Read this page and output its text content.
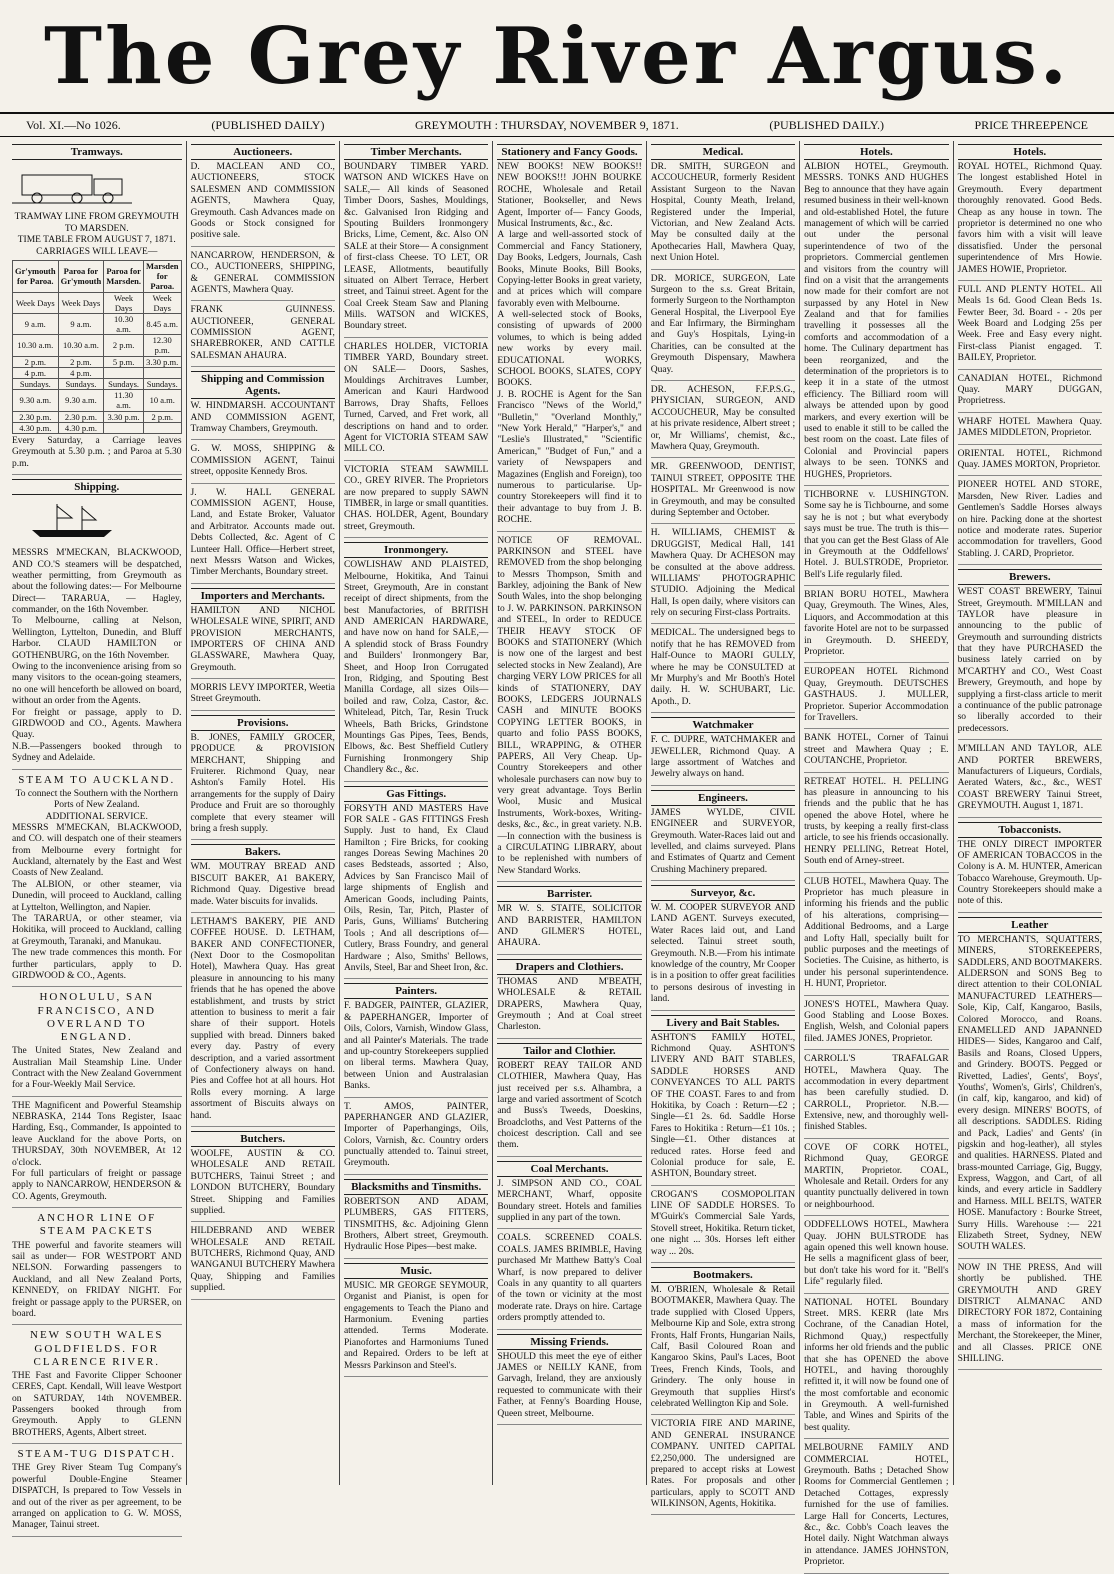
The Grey River Argus.
Vol. XI.—No 1026.	(PUBLISHED DAILY)	GREYMOUTH : THURSDAY, NOVEMBER 9, 1871.	(PUBLISHED DAILY.)	PRICE THREEPENCE
Tramways.
TRAMWAY LINE FROM GREYMOUTH TO MARSDEN.
TIME TABLE FROM AUGUST 7, 1871.
CARRIAGES WILL LEAVE—
Gr'ymouth for Paroa.	Paroa for Gr'ymouth	Paroa for Marsden.	Marsden for Paroa.
Week Days	Week Days	Week Days	Week Days
9 a.m.	9 a.m.	10.30 a.m.	8.45 a.m.
10.30 a.m.	10.30 a.m.	2 p.m.	12.30 p.m.
2 p.m.	2 p.m.	5 p.m.	3.30 p.m.
4 p.m.	4 p.m.		
Sundays.	Sundays.	Sundays.	Sundays.
9.30 a.m.	9.30 a.m.	11.30 a.m.	10 a.m.
2.30 p.m.	2.30 p.m.	3.30 p.m.	2 p.m.
4.30 p.m.	4.30 p.m.		
Every Saturday, a Carriage leaves Greymouth at 5.30 p.m. ; and Paroa at 5.30 p.m.
Shipping.
MESSRS M'MECKAN, BLACKWOOD, AND CO.'S steamers will be despatched, weather permitting, from Greymouth as about the following dates:— For Melbourne Direct— TARARUA, — Hagley, commander, on the 16th November.
To Melbourne, calling at Nelson, Wellington, Lyttelton, Dunedin, and Bluff Harbor. CLAUD HAMILTON or GOTHENBURG, on the 16th November.
Owing to the inconvenience arising from so many visitors to the ocean-going steamers, no one will henceforth be allowed on board, without an order from the Agents.
For freight or passage, apply to D. GIRDWOOD and CO., Agents. Mawhera Quay.
N.B.—Passengers booked through to Sydney and Adelaide.
STEAM TO AUCKLAND.
To connect the Southern with the Northern Ports of New Zealand.
ADDITIONAL SERVICE.
MESSRS M'MECKAN, BLACKWOOD, and CO. will despatch one of their steamers from Melbourne every fortnight for Auckland, alternately by the East and West Coasts of New Zealand.
The ALBION, or other steamer, via Dunedin, will proceed to Auckland, calling at Lyttelton, Wellington, and Napier.
The TARARUA, or other steamer, via Hokitika, will proceed to Auckland, calling at Greymouth, Taranaki, and Manukau.
The new trade commences this month. For further particulars, apply to D. GIRDWOOD & CO., Agents.
HONOLULU, SAN FRANCISCO, AND OVERLAND TO ENGLAND.
The United States, New Zealand and Australian Mail Steamship Line. Under Contract with the New Zealand Government for a Four-Weekly Mail Service.
THE Magnificent and Powerful Steamship NEBRASKA, 2144 Tons Register, Isaac Harding, Esq., Commander, Is appointed to leave Auckland for the above Ports, on THURSDAY, 30th NOVEMBER, At 12 o'clock.
For full particulars of freight or passage apply to NANCARROW, HENDERSON & CO. Agents, Greymouth.
ANCHOR LINE OF STEAM PACKETS
THE powerful and favorite steamers will sail as under— FOR WESTPORT AND NELSON. Forwarding passengers to Auckland, and all New Zealand Ports, KENNEDY, on FRIDAY NIGHT. For freight or passage apply to the PURSER, on board.
NEW SOUTH WALES GOLDFIELDS. FOR CLARENCE RIVER.
THE Fast and Favorite Clipper Schooner CERES, Capt. Kendall, Will leave Westport on SATURDAY, 14th NOVEMBER. Passengers booked through from Greymouth. Apply to GLENN BROTHERS, Agents, Albert street.
STEAM-TUG DISPATCH.
THE Grey River Steam Tug Company's powerful Double-Engine Steamer DISPATCH, Is prepared to Tow Vessels in and out of the river as per agreement, to be arranged on application to G. W. MOSS, Manager, Tainui street.
Auctioneers.
D. MACLEAN AND CO., AUCTIONEERS, STOCK SALESMEN AND COMMISSION AGENTS, Mawhera Quay, Greymouth. Cash Advances made on Goods or Stock consigned for positive sale.
NANCARROW, HENDERSON, & CO., AUCTIONEERS, SHIPPING, & GENERAL COMMISSION AGENTS, Mawhera Quay.
FRANK GUINNESS. AUCTIONEER, GENERAL COMMISSION AGENT, SHAREBROKER, AND CATTLE SALESMAN AHAURA.
Shipping and Commission Agents.
W. HINDMARSH. ACCOUNTANT AND COMMISSION AGENT, Tramway Chambers, Greymouth.
G. W. MOSS, SHIPPING & COMMISSION AGENT, Tainui street, opposite Kennedy Bros.
J. W. HALL GENERAL COMMISSION AGENT, House, Land, and Estate Broker, Valuator and Arbitrator. Accounts made out. Debts Collected, &c. Agent of C Lunteer Hall. Office—Herbert street, next Messrs Watson and Wickes, Timber Merchants, Boundary street.
Importers and Merchants.
HAMILTON AND NICHOL WHOLESALE WINE, SPIRIT, AND PROVISION MERCHANTS, IMPORTERS OF CHINA AND GLASSWARE, Mawhera Quay, Greymouth.
MORRIS LEVY IMPORTER, Weetia Street Greymouth.
Provisions.
B. JONES, FAMILY GROCER, PRODUCE & PROVISION MERCHANT, Shipping and Fruiterer. Richmond Quay, near Ashton's Family Hotel. His arrangements for the supply of Dairy Produce and Fruit are so thoroughly complete that every steamer will bring a fresh supply.
Bakers.
WM. MOUTRAY BREAD AND BISCUIT BAKER, A1 BAKERY, Richmond Quay. Digestive bread made. Water biscuits for invalids.
LETHAM'S BAKERY, PIE AND COFFEE HOUSE. D. LETHAM, BAKER AND CONFECTIONER, (Next Door to the Cosmopolitan Hotel), Mawhera Quay. Has great pleasure in announcing to his many friends that he has opened the above establishment, and trusts by strict attention to business to merit a fair share of their support. Hotels supplied with bread. Dinners baked every day. Pastry of every description, and a varied assortment of Confectionery always on hand. Pies and Coffee hot at all hours. Hot Rolls every morning. A large assortment of Biscuits always on hand.
Butchers.
WOOLFE, AUSTIN & CO. WHOLESALE AND RETAIL BUTCHERS, Tainui Street ; and LONDON BUTCHERY, Boundary Street. Shipping and Families supplied.
HILDEBRAND AND WEBER WHOLESALE AND RETAIL BUTCHERS, Richmond Quay, AND WANGANUI BUTCHERY Mawhera Quay, Shipping and Families supplied.
Timber Merchants.
BOUNDARY TIMBER YARD. WATSON AND WICKES Have on SALE,— All kinds of Seasoned Timber Doors, Sashes, Mouldings, &c. Galvanised Iron Ridging and Spouting Builders Ironmongery Bricks, Lime, Cement, &c. Also ON SALE at their Store— A consignment of first-class Cheese. TO LET, OR LEASE, Allotments, beautifully situated on Albert Terrace, Herbert street, and Tainui street. Agent for the Coal Creek Steam Saw and Planing Mills. WATSON and WICKES, Boundary street.
CHARLES HOLDER, VICTORIA TIMBER YARD, Boundary street. ON SALE— Doors, Sashes, Mouldings Architraves Lumber, American and Kauri Hardwood Barrows, Dray Shafts, Felloes Turned, Carved, and Fret work, all descriptions on hand and to order. Agent for VICTORIA STEAM SAW MILL CO.
VICTORIA STEAM SAWMILL CO., GREY RIVER. The Proprietors are now prepared to supply SAWN TIMBER, in large or small quantities. CHAS. HOLDER, Agent, Boundary street, Greymouth.
Ironmongery.
COWLISHAW AND PLAISTED, Melbourne, Hokitika, And Tainui Street, Greymouth, Are in constant receipt of direct shipments, from the best Manufactories, of BRITISH AND AMERICAN HARDWARE, and have now on hand for SALE,— A splendid stock of Brass Foundry and Builders' Ironmongery Bar, Sheet, and Hoop Iron Corrugated Iron, Ridging, and Spouting Best Manilla Cordage, all sizes Oils—boiled and raw, Colza, Castor, &c. Whitelead, Pitch, Tar, Resin Truck Wheels, Bath Bricks, Grindstone Mountings Gas Pipes, Tees, Bends, Elbows, &c. Best Sheffield Cutlery Furnishing Ironmongery Ship Chandlery &c., &c.
Gas Fittings.
FORSYTH AND MASTERS Have FOR SALE - GAS FITTINGS Fresh Supply. Just to hand, Ex Claud Hamilton ; Fire Bricks, for cooking ranges Doreas Sewing Machines 20 cases Bedsteads, assorted ; Also, Advices by San Francisco Mail of large shipments of English and American Goods, including Paints, Oils, Resin, Tar, Pitch, Plaster of Paris, Guns, Williams' Butchering Tools ; And all descriptions of— Cutlery, Brass Foundry, and general Hardware ; Also, Smiths' Bellows, Anvils, Steel, Bar and Sheet Iron, &c.
Painters.
F. BADGER, PAINTER, GLAZIER, & PAPERHANGER, Importer of Oils, Colors, Varnish, Window Glass, and all Painter's Materials. The trade and up-country Storekeepers supplied on liberal terms. Mawhera Quay, between Union and Australasian Banks.
T. AMOS, PAINTER, PAPERHANGER AND GLAZIER, Importer of Paperhangings, Oils, Colors, Varnish, &c. Country orders punctually attended to. Tainui street, Greymouth.
Blacksmiths and Tinsmiths.
ROBERTSON AND ADAM, PLUMBERS, GAS FITTERS, TINSMITHS, &c. Adjoining Glenn Brothers, Albert street, Greymouth. Hydraulic Hose Pipes—best make.
Music.
MUSIC. MR GEORGE SEYMOUR, Organist and Pianist, is open for engagements to Teach the Piano and Harmonium. Evening parties attended. Terms Moderate. Pianofortes and Harmoniums Tuned and Repaired. Orders to be left at Messrs Parkinson and Steel's.
Stationery and Fancy Goods.
NEW BOOKS! NEW BOOKS!! NEW BOOKS!!! JOHN BOURKE ROCHE, Wholesale and Retail Stationer, Bookseller, and News Agent, Importer of— Fancy Goods, Musical Instruments, &c., &c.
A large and well-assorted stock of Commercial and Fancy Stationery, Day Books, Ledgers, Journals, Cash Books, Minute Books, Bill Books, Copying-letter Books in great variety, and at prices which will compare favorably even with Melbourne.
A well-selected stock of Books, consisting of upwards of 2000 volumes, to which is being added new works by every mail. EDUCATIONAL WORKS, SCHOOL BOOKS, SLATES, COPY BOOKS.
J. B. ROCHE is Agent for the San Francisco "News of the World," "Bulletin," "Overland Monthly," "New York Herald," "Harper's," and "Leslie's Illustrated," "Scientific American," "Budget of Fun," and a variety of Newspapers and Magazines (English and Foreign), too numerous to particularise. Up-country Storekeepers will find it to their advantage to buy from J. B. ROCHE.
NOTICE OF REMOVAL. PARKINSON and STEEL have REMOVED from the shop belonging to Messrs Thompson, Smith and Barkley, adjoining the Bank of New South Wales, into the shop belonging to J. W. PARKINSON. PARKINSON and STEEL, In order to REDUCE THEIR HEAVY STOCK OF BOOKS and STATIONERY (Which is now one of the largest and best selected stocks in New Zealand), Are charging VERY LOW PRICES for all kinds of STATIONERY, DAY BOOKS, LEDGERS JOURNALS CASH and MINUTE BOOKS COPYING LETTER BOOKS, in quarto and folio PASS BOOKS, BILL, WRAPPING, & OTHER PAPERS, All Very Cheap. Up-Country Storekeepers and other wholesale purchasers can now buy to very great advantage. Toys Berlin Wool, Music and Musical Instruments, Work-boxes, Writing-desks, &c., &c., in great variety. N.B.—In connection with the business is a CIRCULATING LIBRARY, about to be replenished with numbers of New Standard Works.
Barrister.
MR W. S. STAITE, SOLICITOR AND BARRISTER, HAMILTON AND GILMER'S HOTEL, AHAURA.
Drapers and Clothiers.
THOMAS AND M'BEATH, WHOLESALE & RETAIL DRAPERS, Mawhera Quay, Greymouth ; And at Coal street Charleston.
Tailor and Clothier.
ROBERT REAY TAILOR AND CLOTHIER, Mawhera Quay, Has just received per s.s. Alhambra, a large and varied assortment of Scotch and Buss's Tweeds, Doeskins, Broadcloths, and Vest Patterns of the choicest description. Call and see them.
Coal Merchants.
J. SIMPSON AND CO., COAL MERCHANT, Wharf, opposite Boundary street. Hotels and families supplied in any part of the town.
COALS. SCREENED COALS. COALS. JAMES BRIMBLE, Having purchased Mr Matthew Batty's Coal Wharf, is now prepared to deliver Coals in any quantity to all quarters of the town or vicinity at the most moderate rate. Drays on hire. Cartage orders promptly attended to.
Missing Friends.
SHOULD this meet the eye of either JAMES or NEILLY KANE, from Garvagh, Ireland, they are anxiously requested to communicate with their Father, at Fenny's Boarding House, Queen street, Melbourne.
Medical.
DR. SMITH, SURGEON and ACCOUCHEUR, formerly Resident Assistant Surgeon to the Navan Hospital, County Meath, Ireland, Registered under the Imperial, Victorian, and New Zealand Acts. May be consulted daily at the Apothecaries Hall, Mawhera Quay, next Union Hotel.
DR. MORICE, SURGEON, Late Surgeon to the s.s. Great Britain, formerly Surgeon to the Northampton General Hospital, the Liverpool Eye and Ear Infirmary, the Birmingham and Guy's Hospitals, Lying-in Charities, can be consulted at the Greymouth Dispensary, Mawhera Quay.
DR. ACHESON, F.F.P.S.G., PHYSICIAN, SURGEON, AND ACCOUCHEUR, May be consulted at his private residence, Albert street ; or, Mr Williams', chemist, &c., Mawhera Quay, Greymouth.
MR. GREENWOOD, DENTIST, TAINUI STREET, OPPOSITE THE HOSPITAL. Mr Greenwood is now in Greymouth, and may be consulted during September and October.
H. WILLIAMS, CHEMIST & DRUGGIST, Medical Hall, 141 Mawhera Quay. Dr ACHESON may be consulted at the above address. WILLIAMS' PHOTOGRAPHIC STUDIO. Adjoining the Medical Hall, Is open daily, where visitors can rely on securing First-class Portraits.
MEDICAL. The undersigned begs to notify that he has REMOVED from Half-Ounce to MAORI GULLY, where he may be CONSULTED at Mr Murphy's and Mr Booth's Hotel daily. H. W. SCHUBART, Lic. Apoth., D.
Watchmaker
F. C. DUPRE, WATCHMAKER and JEWELLER, Richmond Quay. A large assortment of Watches and Jewelry always on hand.
Engineers.
JAMES WYLDE, CIVIL ENGINEER and SURVEYOR, Greymouth. Water-Races laid out and levelled, and claims surveyed. Plans and Estimates of Quartz and Cement Crushing Machinery prepared.
Surveyor, &c.
W. M. COOPER SURVEYOR AND LAND AGENT. Surveys executed, Water Races laid out, and Land selected. Tainui street south, Greymouth. N.B.—From his intimate knowledge of the country, Mr Cooper is in a position to offer great facilities to persons desirous of investing in land.
Livery and Bait Stables.
ASHTON'S FAMILY HOTEL, Richmond Quay. ASHTON'S LIVERY AND BAIT STABLES, SADDLE HORSES AND CONVEYANCES TO ALL PARTS OF THE COAST. Fares to and from Hokitika, by Coach : Return—£2 ; Single—£1 2s. 6d. Saddle Horse Fares to Hokitika : Return—£1 10s. ; Single—£1. Other distances at reduced rates. Horse feed and Colonial produce for sale, E. ASHTON, Boundary street.
CROGAN'S COSMOPOLITAN LINE OF SADDLE HORSES. To M'Guirk's Commercial Sale Yards, Stovell street, Hokitika. Return ticket, one night ... 30s. Horses left either way ... 20s.
Bootmakers.
M. O'BRIEN, Wholesale & Retail BOOTMAKER, Mawhera Quay. The trade supplied with Closed Uppers, Melbourne Kip and Sole, extra strong Fronts, Half Fronts, Hungarian Nails, Calf, Basil Coloured Roan and Kangaroo Skins, Paul's Laces, Boot Trees, French Kinds, Tools, and Grindery. The only house in Greymouth that supplies Hirst's celebrated Wellington Kip and Sole.
VICTORIA FIRE AND MARINE, AND GENERAL INSURANCE COMPANY. UNITED CAPITAL £2,250,000. The undersigned are prepared to accept risks at Lowest Rates. For proposals and other particulars, apply to SCOTT AND WILKINSON, Agents, Hokitika.
Hotels.
ALBION HOTEL, Greymouth. MESSRS. TONKS AND HUGHES Beg to announce that they have again resumed business in their well-known and old-established Hotel, the future management of which will be carried out under the personal superintendence of two of the proprietors. Commercial gentlemen and visitors from the country will find on a visit that the arrangements now made for their comfort are not surpassed by any Hotel in New Zealand and that for families travelling it possesses all the comforts and accommodation of a home. The Culinary department has been reorganized, and the determination of the proprietors is to keep it in a state of the utmost efficiency. The Billiard room will always be attended upon by good markers, and every exertion will be used to enable it still to be called the best room on the coast. Late files of Colonial and Provincial papers always to be seen. TONKS and HUGHES, Proprietors.
TICHBORNE v. LUSHINGTON. Some say he is Tichbourne, and some say he is not ; but what everybody says must be true. The truth is this—that you can get the Best Glass of Ale in Greymouth at the Oddfellows' Hotel. J. BULSTRODE, Proprietor. Bell's Life regularly filed.
BRIAN BORU HOTEL, Mawhera Quay, Greymouth. The Wines, Ales, Liquors, and Accommodation at this favorite Hotel are not to be surpassed in Greymouth. D. SHEEDY, Proprietor.
EUROPEAN HOTEL Richmond Quay, Greymouth. DEUTSCHES GASTHAUS. J. MULLER, Proprietor. Superior Accommodation for Travellers.
BANK HOTEL, Corner of Tainui street and Mawhera Quay ; E. COUTANCHE, Proprietor.
RETREAT HOTEL. H. PELLING has pleasure in announcing to his friends and the public that he has opened the above Hotel, where he trusts, by keeping a really first-class article, to see his friends occasionally. HENRY PELLING, Retreat Hotel, South end of Arney-street.
CLUB HOTEL, Mawhera Quay. The Proprietor has much pleasure in informing his friends and the public of his alterations, comprising—Additional Bedrooms, and a Large and Lofty Hall, specially built for public purposes and the meetings of Societies. The Cuisine, as hitherto, is under his personal superintendence. H. HUNT, Proprietor.
JONES'S HOTEL, Mawhera Quay. Good Stabling and Loose Boxes. English, Welsh, and Colonial papers filed. JAMES JONES, Proprietor.
CARROLL'S TRAFALGAR HOTEL, Mawhera Quay. The accommodation in every department has been carefully studied. D. CARROLL, Proprietor. N.B.—Extensive, new, and thoroughly well-finished Stables.
COVE OF CORK HOTEL, Richmond Quay, GEORGE MARTIN, Proprietor. COAL, Wholesale and Retail. Orders for any quantity punctually delivered in town or neighbourhood.
ODDFELLOWS HOTEL, Mawhera Quay. JOHN BULSTRODE has again opened this well known house. He sells a magnificent glass of beer, but don't take his word for it. "Bell's Life" regularly filed.
NATIONAL HOTEL Boundary Street. MRS. KERR (late Mrs Cochrane, of the Canadian Hotel, Richmond Quay,) respectfully informs her old friends and the public that she has OPENED the above HOTEL, and having thoroughly refitted it, it will now be found one of the most comfortable and economic in Greymouth. A well-furnished Table, and Wines and Spirits of the best quality.
MELBOURNE FAMILY AND COMMERCIAL HOTEL, Greymouth. Baths ; Detached Show Rooms for Commercial Gentlemen ; Detached Cottages, expressly furnished for the use of families. Large Hall for Concerts, Lectures, &c., &c. Cobb's Coach leaves the Hotel daily. Night Watchman always in attendance. JAMES JOHNSTON, Proprietor.
Hotels.
ROYAL HOTEL, Richmond Quay. The longest established Hotel in Greymouth. Every department thoroughly renovated. Good Beds. Cheap as any house in town. The proprietor is determined no one who favors him with a visit will leave dissatisfied. Under the personal superintendence of Mrs Howie. JAMES HOWIE, Proprietor.
FULL AND PLENTY HOTEL. All Meals 1s 6d. Good Clean Beds 1s. Fewter Beer, 3d. Board - - 20s per Week Board and Lodging 25s per Week. Free and Easy every night. First-class Pianist engaged. T. BAILEY, Proprietor.
CANADIAN HOTEL, Richmond Quay. MARY DUGGAN, Proprietress.
WHARF HOTEL Mawhera Quay. JAMES MIDDLETON, Proprietor.
ORIENTAL HOTEL, Richmond Quay. JAMES MORTON, Proprietor.
PIONEER HOTEL AND STORE, Marsden, New River. Ladies and Gentlemen's Saddle Horses always on hire. Packing done at the shortest notice and moderate rates. Superior accommodation for travellers, Good Stabling. J. CARD, Proprietor.
Brewers.
WEST COAST BREWERY, Tainui Street, Greymouth. M'MILLAN and TAYLOR have pleasure in announcing to the public of Greymouth and surrounding districts that they have PURCHASED the business lately carried on by M'CARTHY and CO., West Coast Brewery, Greymouth, and hope by supplying a first-class article to merit a continuance of the public patronage so liberally accorded to their predecessors.
M'MILLAN AND TAYLOR, ALE AND PORTER BREWERS, Manufacturers of Liqueurs, Cordials, Aerated Waters, &c., &c., WEST COAST BREWERY Tainui Street, GREYMOUTH. August 1, 1871.
Tobacconists.
THE ONLY DIRECT IMPORTER OF AMERICAN TOBACCOS in the Colony is A. M. HUNTER, American Tobacco Warehouse, Greymouth. Up-Country Storekeepers should make a note of this.
Leather
TO MERCHANTS, SQUATTERS, MINERS, STOREKEEPERS, SADDLERS, AND BOOTMAKERS. ALDERSON and SONS Beg to direct attention to their COLONIAL MANUFACTURED LEATHERS— Sole, Kip, Calf, Kangaroo, Basils, Colored Morocco, and Roans. ENAMELLED AND JAPANNED HIDES— Sides, Kangaroo and Calf, Basils and Roans, Closed Uppers, and Grindery. BOOTS. Pegged or Rivetted, Ladies', Gents', Boys', Youths', Women's, Girls', Children's, (in calf, kip, kangaroo, and kid) of every design. MINERS' BOOTS, of all descriptions. SADDLES. Riding and Pack, Ladies' and Gents' (in pigskin and hog-leather), all styles and qualities. HARNESS. Plated and brass-mounted Carriage, Gig, Buggy, Express, Waggon, and Cart, of all kinds, and every article in Saddlery and Harness. MILL BELTS, WATER HOSE. Manufactory : Bourke Street, Surry Hills. Warehouse :— 221 Elizabeth Street, Sydney, NEW SOUTH WALES.
NOW IN THE PRESS, And will shortly be published. THE GREYMOUTH AND GREY DISTRICT ALMANAC AND DIRECTORY FOR 1872, Containing a mass of information for the Merchant, the Storekeeper, the Miner, and all Classes. PRICE ONE SHILLING.
